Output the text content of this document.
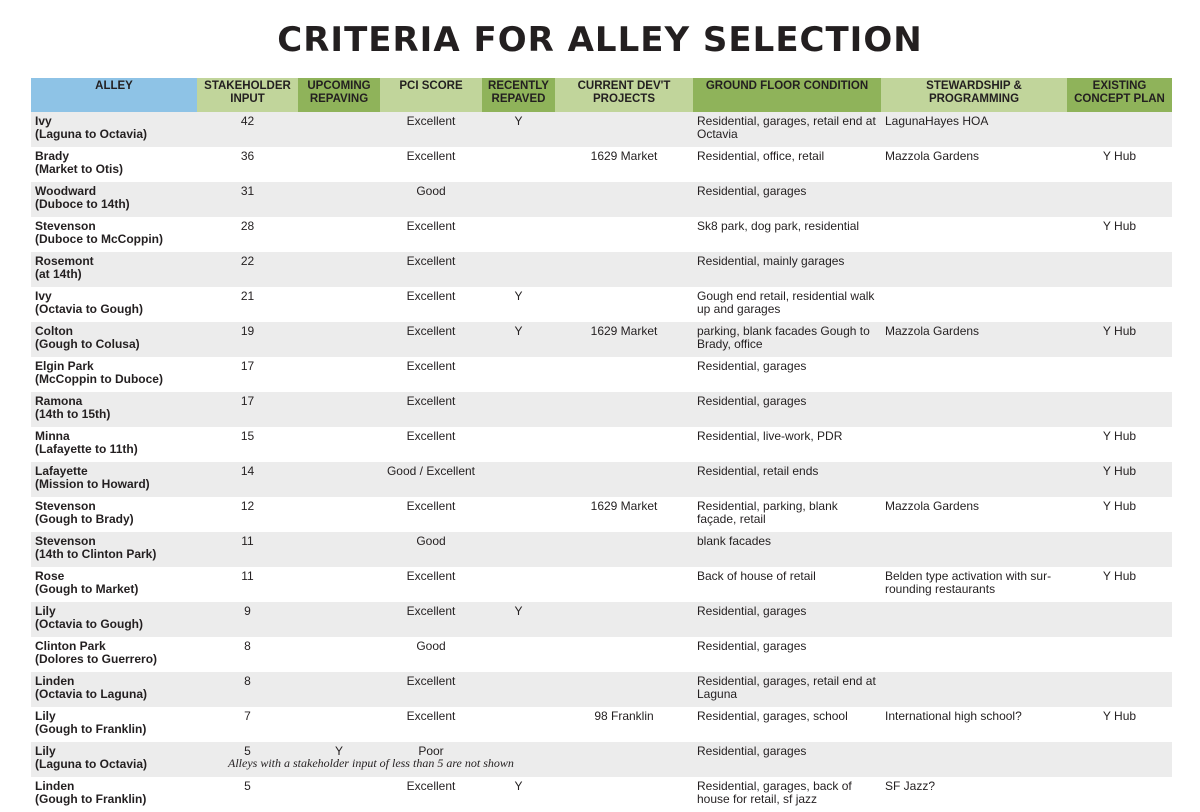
CRITERIA FOR ALLEY SELECTION
ALLEY	STAKEHOLDER INPUT	UPCOMING REPAVING	PCI SCORE	RECENTLY REPAVED	CURRENT DEV'T PROJECTS	GROUND FLOOR CONDITION	STEWARDSHIP & PROGRAMMING	EXISTING CONCEPT PLAN

Ivy
(Laguna to Octavia)	42		Excellent	Y		Residential, garages, retail end at Octavia	LagunaHayes HOA	

Brady
(Market to Otis)	36		Excellent		1629 Market	Residential, office, retail	Mazzola Gardens	Y Hub

Woodward
(Duboce to 14th)	31		Good			Residential, garages		

Stevenson
(Duboce to McCoppin)	28		Excellent			Sk8 park, dog park, residential		Y Hub

Rosemont
(at 14th)	22		Excellent			Residential, mainly garages		

Ivy
(Octavia to Gough)	21		Excellent	Y		Gough end retail, residential walk up and garages		

Colton
(Gough to Colusa)	19		Excellent	Y	1629 Market	parking, blank facades Gough to Brady, office	Mazzola Gardens	Y Hub

Elgin Park
(McCoppin to Duboce)	17		Excellent			Residential, garages		

Ramona
(14th to 15th)	17		Excellent			Residential, garages		

Minna
(Lafayette to 11th)	15		Excellent			Residential, live-work, PDR		Y Hub

Lafayette
(Mission to Howard)	14		Good / Excellent			Residential, retail ends		Y Hub

Stevenson
(Gough to Brady)	12		Excellent		1629 Market	Residential, parking, blank façade, retail	Mazzola Gardens	Y Hub

Stevenson
(14th to Clinton Park)	11		Good			blank facades		

Rose
(Gough to Market)	11		Excellent			Back of house of retail	Belden type activation with sur-rounding restaurants	Y Hub

Lily
(Octavia to Gough)	9		Excellent	Y		Residential, garages		

Clinton Park
(Dolores to Guerrero)	8		Good			Residential, garages		

Linden
(Octavia to Laguna)	8		Excellent			Residential, garages, retail end at Laguna		

Lily
(Gough to Franklin)	7		Excellent		98 Franklin	Residential, garages, school	International high school?	Y Hub

Lily
(Laguna to Octavia)	5	Y	Poor			Residential, garages		

Linden
(Gough to Franklin)	5		Excellent	Y		Residential, garages, back of house for retail, sf jazz	SF Jazz?	
Alleys with a stakeholder input of less than 5 are not shown
